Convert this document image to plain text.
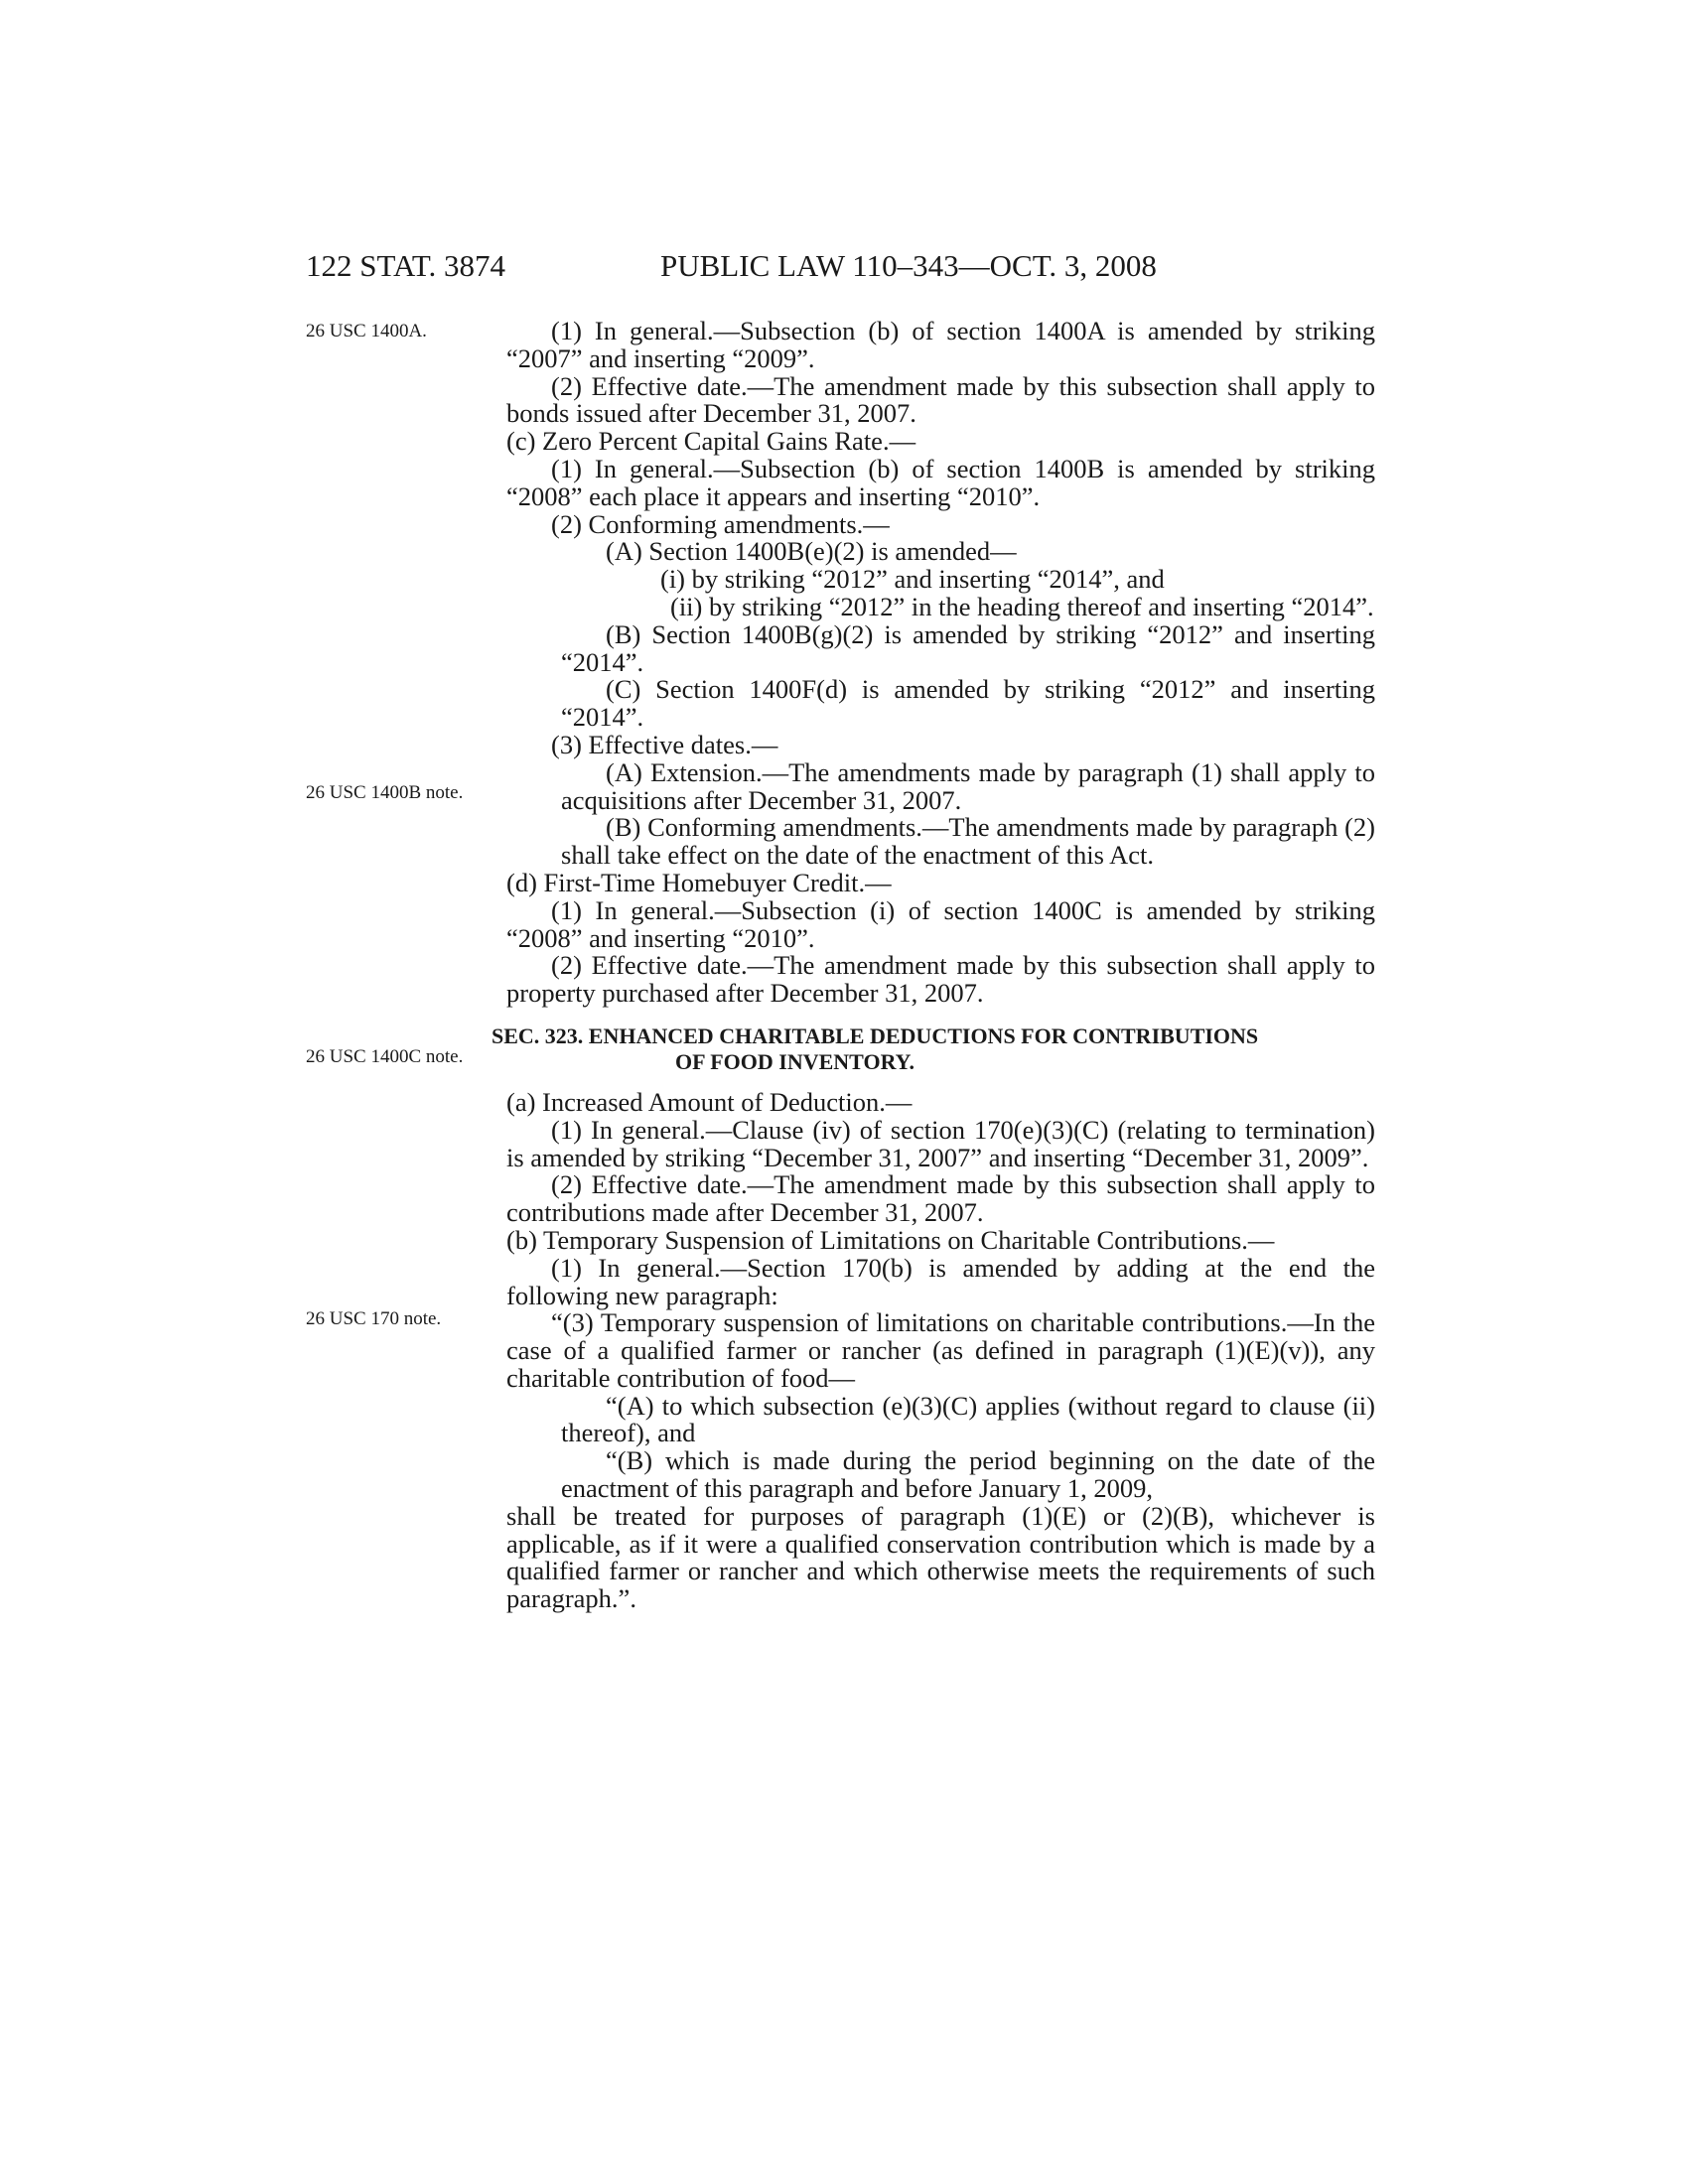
122 STAT. 3874	PUBLIC LAW 110–343—OCT. 3, 2008
26 USC 1400A.
26 USC 1400B note.
26 USC 1400C note.
26 USC 170 note.

(1) In general.—Subsection (b) of section 1400A is amended by striking “2007” and inserting “2009”.

(2) Effective date.—The amendment made by this subsection shall apply to bonds issued after December 31, 2007.

(c) Zero Percent Capital Gains Rate.—

(1) In general.—Subsection (b) of section 1400B is amended by striking “2008” each place it appears and inserting “2010”.

(2) Conforming amendments.—

(A) Section 1400B(e)(2) is amended—

(i) by striking “2012” and inserting “2014”, and

(ii) by striking “2012” in the heading thereof and inserting “2014”.

(B) Section 1400B(g)(2) is amended by striking “2012” and inserting “2014”.

(C) Section 1400F(d) is amended by striking “2012” and inserting “2014”.

(3) Effective dates.—

(A) Extension.—The amendments made by paragraph (1) shall apply to acquisitions after December 31, 2007.

(B) Conforming amendments.—The amendments made by paragraph (2) shall take effect on the date of the enactment of this Act.

(d) First-Time Homebuyer Credit.—

(1) In general.—Subsection (i) of section 1400C is amended by striking “2008” and inserting “2010”.

(2) Effective date.—The amendment made by this subsection shall apply to property purchased after December 31, 2007.

SEC. 323. ENHANCED CHARITABLE DEDUCTIONS FOR CONTRIBUTIONS
OF FOOD INVENTORY.

(a) Increased Amount of Deduction.—

(1) In general.—Clause (iv) of section 170(e)(3)(C) (relating to termination) is amended by striking “December 31, 2007” and inserting “December 31, 2009”.

(2) Effective date.—The amendment made by this subsection shall apply to contributions made after December 31, 2007.

(b) Temporary Suspension of Limitations on Charitable Contributions.—

(1) In general.—Section 170(b) is amended by adding at the end the following new paragraph:

“(3) Temporary suspension of limitations on charitable contributions.—In the case of a qualified farmer or rancher (as defined in paragraph (1)(E)(v)), any charitable contribution of food—

“(A) to which subsection (e)(3)(C) applies (without regard to clause (ii) thereof), and

“(B) which is made during the period beginning on the date of the enactment of this paragraph and before January 1, 2009,

shall be treated for purposes of paragraph (1)(E) or (2)(B), whichever is applicable, as if it were a qualified conservation contribution which is made by a qualified farmer or rancher and which otherwise meets the requirements of such paragraph.”.
